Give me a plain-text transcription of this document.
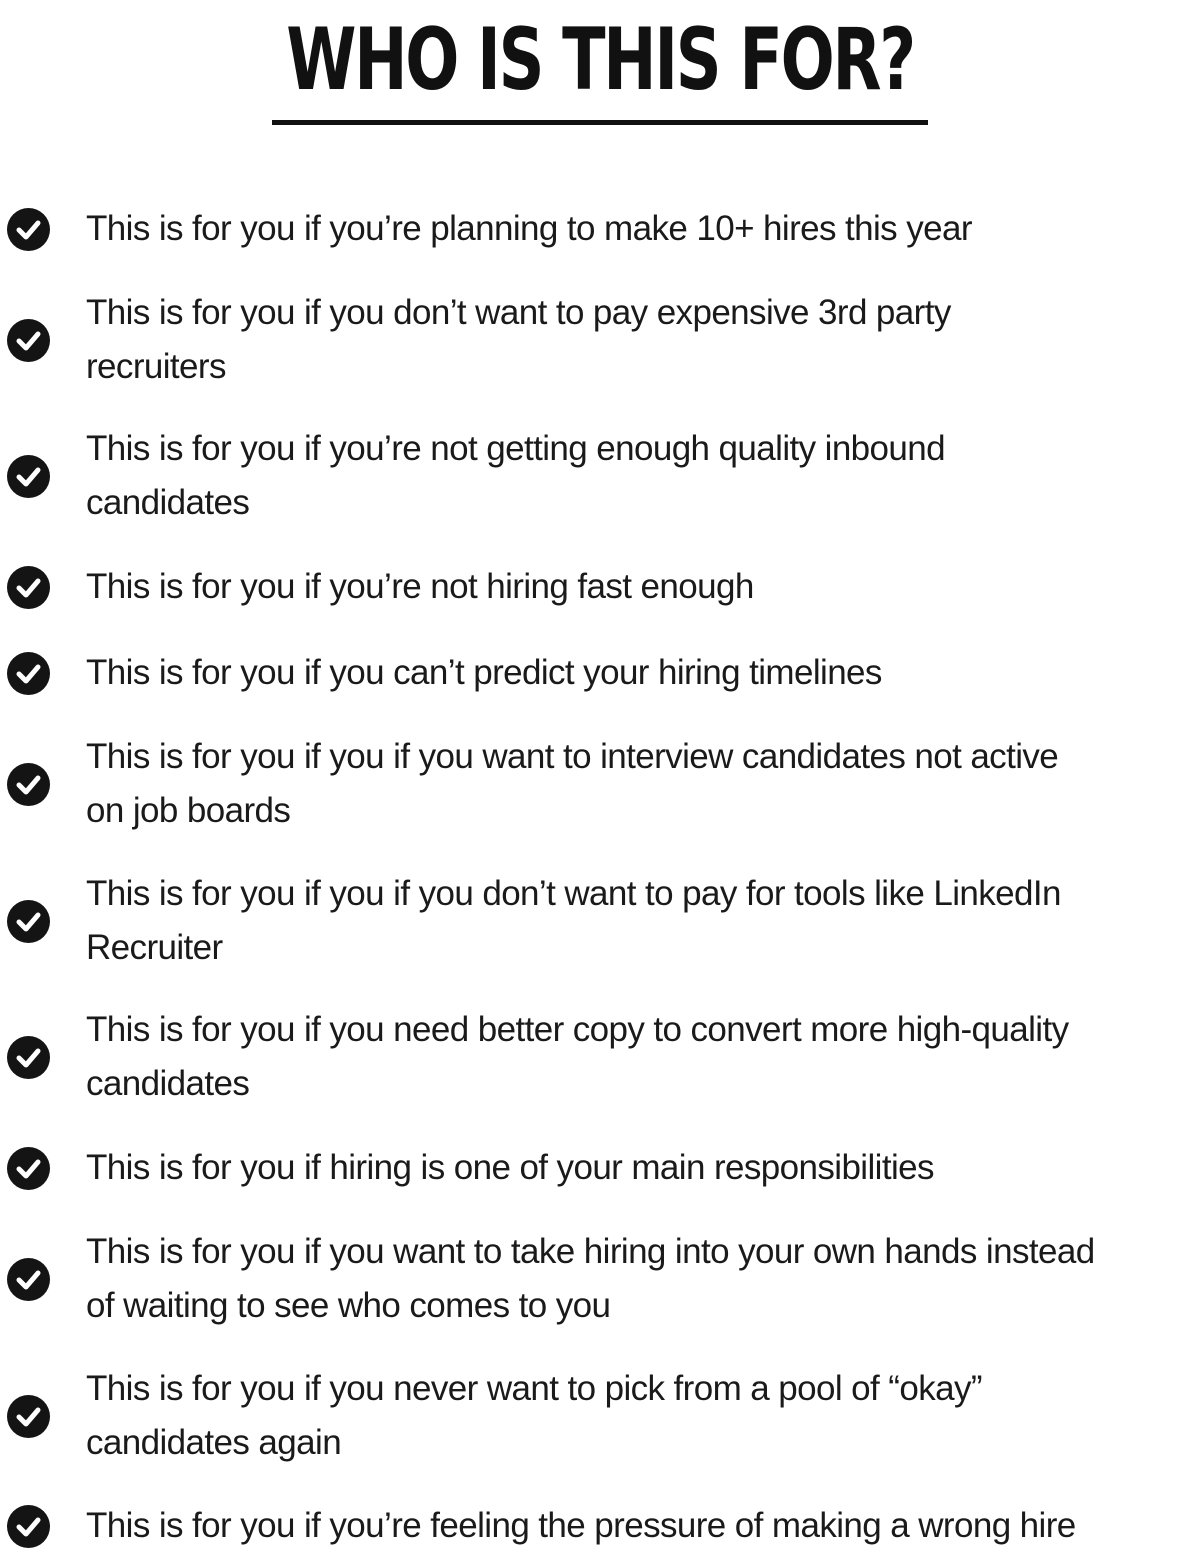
WHO IS THIS FOR?

This is for you if you’re planning to make 10+ hires this year

This is for you if you don’t want to pay expensive 3rd party
recruiters

This is for you if you’re not getting enough quality inbound
candidates

This is for you if you’re not hiring fast enough

This is for you if you can’t predict your hiring timelines

This is for you if you if you want to interview candidates not active
on job boards

This is for you if you if you don’t want to pay for tools like LinkedIn
Recruiter

This is for you if you need better copy to convert more high-quality
candidates

This is for you if hiring is one of your main responsibilities

This is for you if you want to take hiring into your own hands instead
of waiting to see who comes to you

This is for you if you never want to pick from a pool of “okay”
candidates again

This is for you if you’re feeling the pressure of making a wrong hire
